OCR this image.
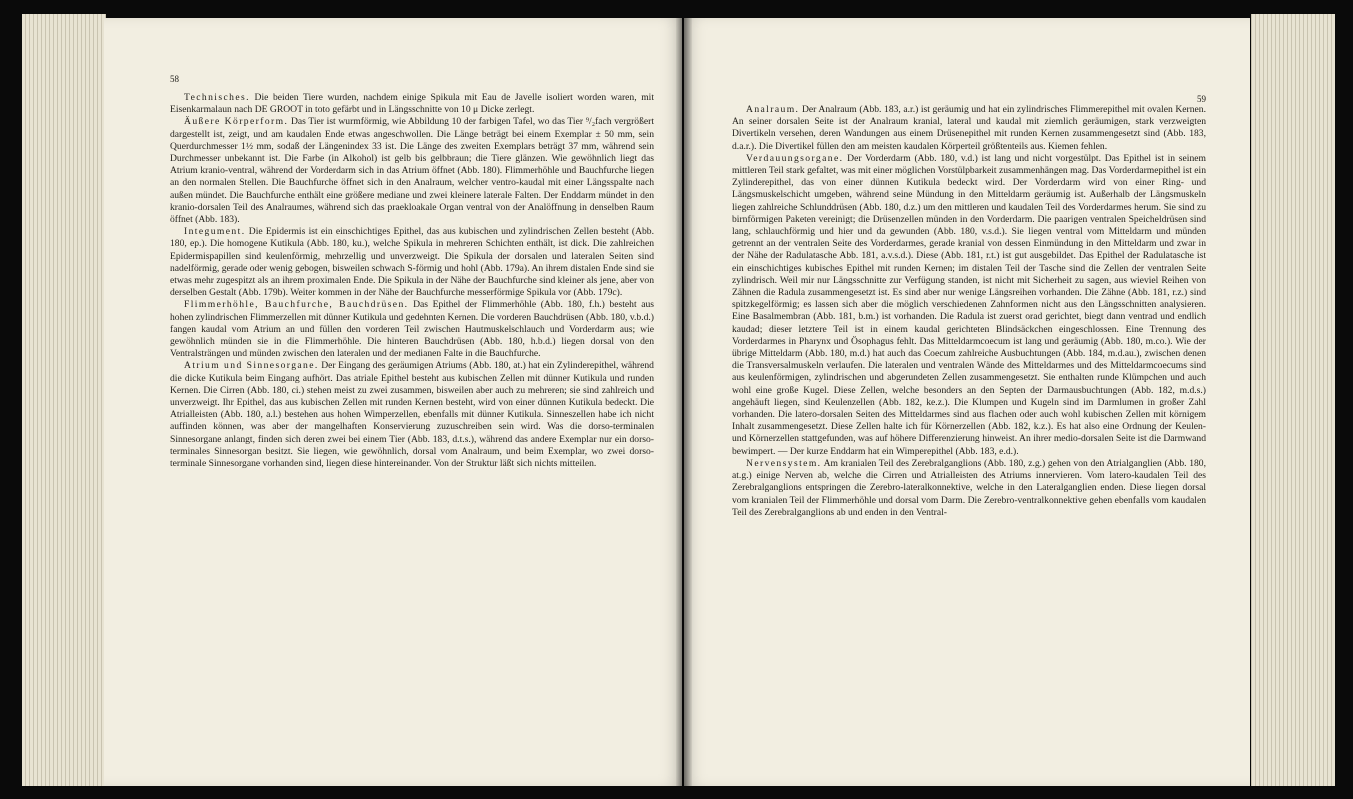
58

Technisches. Die beiden Tiere wurden, nachdem einige Spikula mit Eau de Javelle isoliert worden waren, mit Eisenkarmalaun nach DE GROOT in toto gefärbt und in Längsschnitte von 10 μ Dicke zerlegt.

Äußere Körperform. Das Tier ist wurmförmig, wie Abbildung 10 der farbigen Tafel, wo das Tier ⁹/₂fach vergrößert dargestellt ist, zeigt, und am kaudalen Ende etwas angeschwollen. Die Länge beträgt bei einem Exemplar ± 50 mm, sein Querdurchmesser 1½ mm, sodaß der Längenindex 33 ist. Die Länge des zweiten Exemplars beträgt 37 mm, während sein Durchmesser unbekannt ist. Die Farbe (in Alkohol) ist gelb bis gelbbraun; die Tiere glänzen. Wie gewöhnlich liegt das Atrium kranio-ventral, während der Vorderdarm sich in das Atrium öffnet (Abb. 180). Flimmerhöhle und Bauchfurche liegen an den normalen Stellen. Die Bauchfurche öffnet sich in den Analraum, welcher ventro-kaudal mit einer Längsspalte nach außen mündet. Die Bauchfurche enthält eine größere mediane und zwei kleinere laterale Falten. Der Enddarm mündet in den kranio-dorsalen Teil des Analraumes, während sich das praekloakale Organ ventral von der Analöffnung in denselben Raum öffnet (Abb. 183).

Integument. Die Epidermis ist ein einschichtiges Epithel, das aus kubischen und zylindrischen Zellen besteht (Abb. 180, ep.). Die homogene Kutikula (Abb. 180, ku.), welche Spikula in mehreren Schichten enthält, ist dick. Die zahlreichen Epidermispapillen sind keulenförmig, mehrzellig und unverzweigt. Die Spikula der dorsalen und lateralen Seiten sind nadelförmig, gerade oder wenig gebogen, bisweilen schwach S-förmig und hohl (Abb. 179a). An ihrem distalen Ende sind sie etwas mehr zugespitzt als an ihrem proximalen Ende. Die Spikula in der Nähe der Bauchfurche sind kleiner als jene, aber von derselben Gestalt (Abb. 179b). Weiter kommen in der Nähe der Bauchfurche messerförmige Spikula vor (Abb. 179c).

Flimmerhöhle, Bauchfurche, Bauchdrüsen. Das Epithel der Flimmerhöhle (Abb. 180, f.h.) besteht aus hohen zylindrischen Flimmerzellen mit dünner Kutikula und gedehnten Kernen. Die vorderen Bauchdrüsen (Abb. 180, v.b.d.) fangen kaudal vom Atrium an und füllen den vorderen Teil zwischen Hautmuskelschlauch und Vorderdarm aus; wie gewöhnlich münden sie in die Flimmerhöhle. Die hinteren Bauchdrüsen (Abb. 180, h.b.d.) liegen dorsal von den Ventralsträngen und münden zwischen den lateralen und der medianen Falte in die Bauchfurche.

Atrium und Sinnesorgane. Der Eingang des geräumigen Atriums (Abb. 180, at.) hat ein Zylinderepithel, während die dicke Kutikula beim Eingang aufhört. Das atriale Epithel besteht aus kubischen Zellen mit dünner Kutikula und runden Kernen. Die Cirren (Abb. 180, ci.) stehen meist zu zwei zusammen, bisweilen aber auch zu mehreren; sie sind zahlreich und unverzweigt. Ihr Epithel, das aus kubischen Zellen mit runden Kernen besteht, wird von einer dünnen Kutikula bedeckt. Die Atrialleisten (Abb. 180, a.l.) bestehen aus hohen Wimperzellen, ebenfalls mit dünner Kutikula. Sinneszellen habe ich nicht auffinden können, was aber der mangelhaften Konservierung zuzuschreiben sein wird. Was die dorso-terminalen Sinnesorgane anlangt, finden sich deren zwei bei einem Tier (Abb. 183, d.t.s.), während das andere Exemplar nur ein dorso-terminales Sinnesorgan besitzt. Sie liegen, wie gewöhnlich, dorsal vom Analraum, und beim Exemplar, wo zwei dorso-terminale Sinnesorgane vorhanden sind, liegen diese hintereinander. Von der Struktur läßt sich nichts mitteilen.

59

Analraum. Der Analraum (Abb. 183, a.r.) ist geräumig und hat ein zylindrisches Flimmerepithel mit ovalen Kernen. An seiner dorsalen Seite ist der Analraum kranial, lateral und kaudal mit ziemlich geräumigen, stark verzweigten Divertikeln versehen, deren Wandungen aus einem Drüsenepithel mit runden Kernen zusammengesetzt sind (Abb. 183, d.a.r.). Die Divertikel füllen den am meisten kaudalen Körperteil größtenteils aus. Kiemen fehlen.

Verdauungsorgane. Der Vorderdarm (Abb. 180, v.d.) ist lang und nicht vorgestülpt. Das Epithel ist in seinem mittleren Teil stark gefaltet, was mit einer möglichen Vorstülpbarkeit zusammenhängen mag. Das Vorderdarmepithel ist ein Zylinderepithel, das von einer dünnen Kutikula bedeckt wird. Der Vorderdarm wird von einer Ring- und Längsmuskelschicht umgeben, während seine Mündung in den Mitteldarm geräumig ist. Außerhalb der Längsmuskeln liegen zahlreiche Schlunddrüsen (Abb. 180, d.z.) um den mittleren und kaudalen Teil des Vorderdarmes herum. Sie sind zu birnförmigen Paketen vereinigt; die Drüsenzellen münden in den Vorderdarm. Die paarigen ventralen Speicheldrüsen sind lang, schlauchförmig und hier und da gewunden (Abb. 180, v.s.d.). Sie liegen ventral vom Mitteldarm und münden getrennt an der ventralen Seite des Vorderdarmes, gerade kranial von dessen Einmündung in den Mitteldarm und zwar in der Nähe der Radulatasche Abb. 181, a.v.s.d.). Diese (Abb. 181, r.t.) ist gut ausgebildet. Das Epithel der Radulatasche ist ein einschichtiges kubisches Epithel mit runden Kernen; im distalen Teil der Tasche sind die Zellen der ventralen Seite zylindrisch. Weil mir nur Längsschnitte zur Verfügung standen, ist nicht mit Sicherheit zu sagen, aus wieviel Reihen von Zähnen die Radula zusammengesetzt ist. Es sind aber nur wenige Längsreihen vorhanden. Die Zähne (Abb. 181, r.z.) sind spitzkegelförmig; es lassen sich aber die möglich verschiedenen Zahnformen nicht aus den Längsschnitten analysieren. Eine Basalmembran (Abb. 181, b.m.) ist vorhanden. Die Radula ist zuerst orad gerichtet, biegt dann ventrad und endlich kaudad; dieser letztere Teil ist in einem kaudal gerichteten Blindsäckchen eingeschlossen. Eine Trennung des Vorderdarmes in Pharynx und Ösophagus fehlt. Das Mitteldarmcoecum ist lang und geräumig (Abb. 180, m.co.). Wie der übrige Mitteldarm (Abb. 180, m.d.) hat auch das Coecum zahlreiche Ausbuchtungen (Abb. 184, m.d.au.), zwischen denen die Transversalmuskeln verlaufen. Die lateralen und ventralen Wände des Mitteldarmes und des Mitteldarmcoecums sind aus keulenförmigen, zylindrischen und abgerundeten Zellen zusammengesetzt. Sie enthalten runde Klümpchen und auch wohl eine große Kugel. Diese Zellen, welche besonders an den Septen der Darmausbuchtungen (Abb. 182, m.d.s.) angehäuft liegen, sind Keulenzellen (Abb. 182, ke.z.). Die Klumpen und Kugeln sind im Darmlumen in großer Zahl vorhanden. Die latero-dorsalen Seiten des Mitteldarmes sind aus flachen oder auch wohl kubischen Zellen mit körnigem Inhalt zusammengesetzt. Diese Zellen halte ich für Körnerzellen (Abb. 182, k.z.). Es hat also eine Ordnung der Keulen- und Körnerzellen stattgefunden, was auf höhere Differenzierung hinweist. An ihrer medio-dorsalen Seite ist die Darmwand bewimpert. — Der kurze Enddarm hat ein Wimperepithel (Abb. 183, e.d.).

Nervensystem. Am kranialen Teil des Zerebralganglions (Abb. 180, z.g.) gehen von den Atrialganglien (Abb. 180, at.g.) einige Nerven ab, welche die Cirren und Atrialleisten des Atriums innervieren. Vom latero-kaudalen Teil des Zerebralganglions entspringen die Zerebro-lateralkonnektive, welche in den Lateralganglien enden. Diese liegen dorsal vom kranialen Teil der Flimmerhöhle und dorsal vom Darm. Die Zerebro-ventralkonnektive gehen ebenfalls vom kaudalen Teil des Zerebralganglions ab und enden in den Ventral-
